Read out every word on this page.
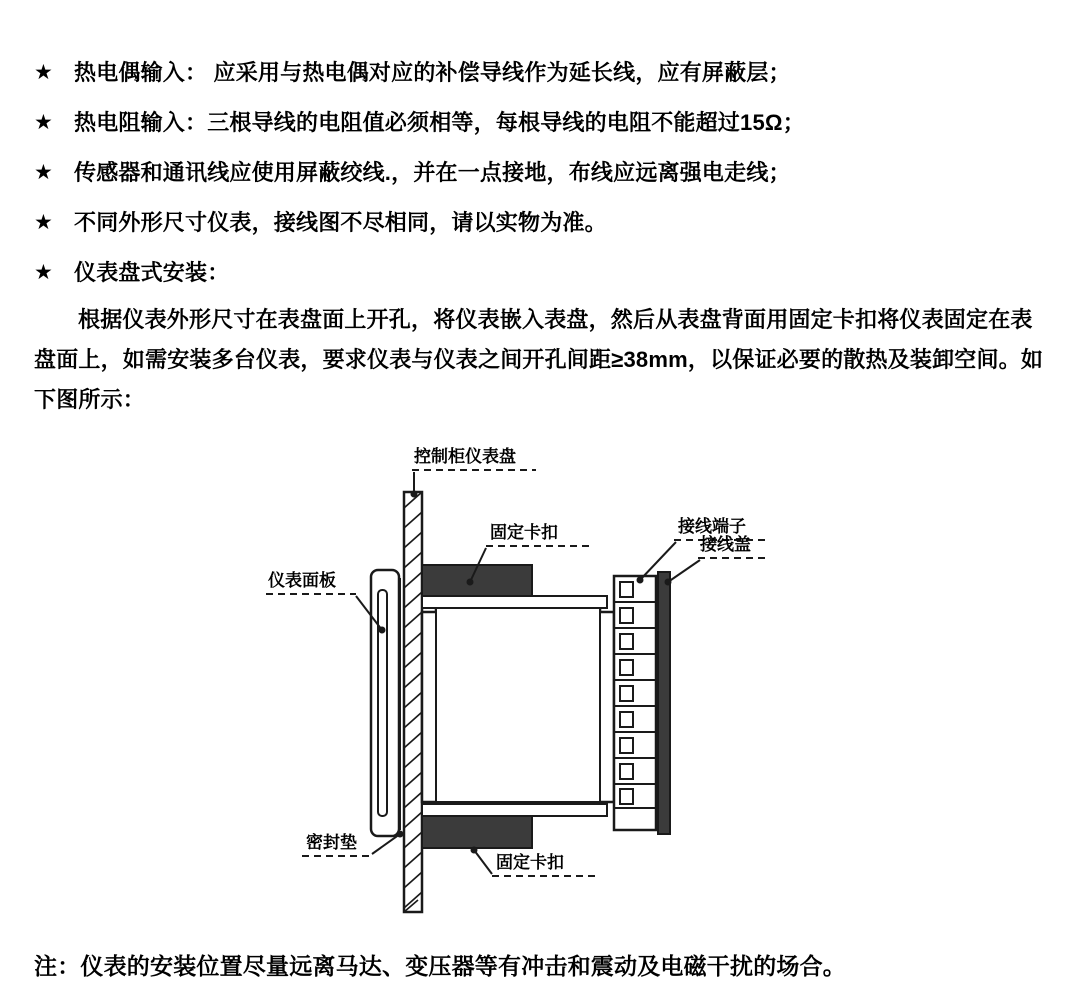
★ 热电偶输入： 应采用与热电偶对应的补偿导线作为延长线，应有屏蔽层；
★ 热电阻输入：三根导线的电阻值必须相等，每根导线的电阻不能超过15Ω；
★ 传感器和通讯线应使用屏蔽绞线.，并在一点接地，布线应远离强电走线；
★ 不同外形尺寸仪表，接线图不尽相同，请以实物为准。
★ 仪表盘式安装：
根据仪表外形尺寸在表盘面上开孔，将仪表嵌入表盘，然后从表盘背面用固定卡扣将仪表固定在表盘面上，如需安装多台仪表，要求仪表与仪表之间开孔间距≥38mm，以保证必要的散热及装卸空间。如下图所示：
控制柜仪表盘
固定卡扣	接线端子
接线盖
仪表面板
密封垫
固定卡扣
注：仪表的安装位置尽量远离马达、变压器等有冲击和震动及电磁干扰的场合。
